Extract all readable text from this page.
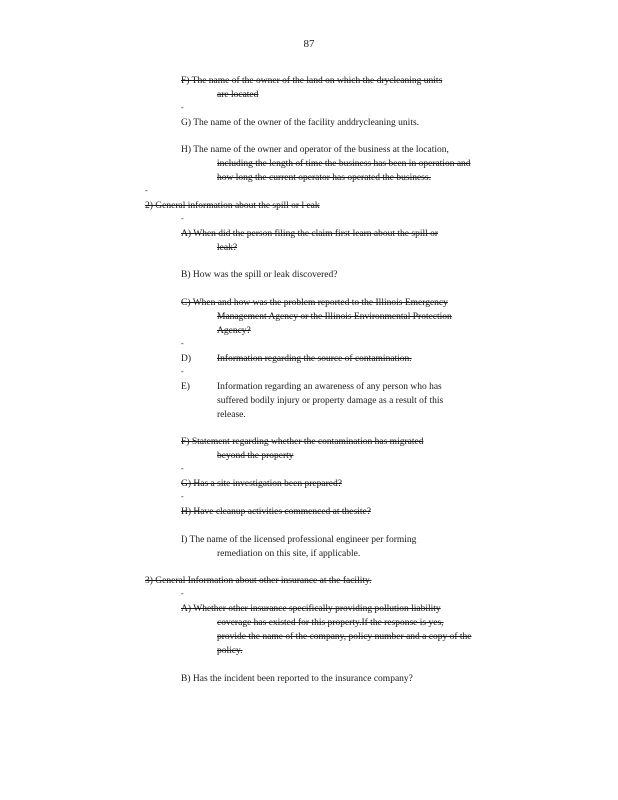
87
F) The name of the owner of the land on which the drycleaning units
are located
-
G) The name of the owner of the facility anddrycleaning units.
H) The name of the owner and operator of the business at the location,
including the length of time the business has been in operation and
how long the current operator has operated the business.
-
2) General information about the spill or l eak
-
A) When did the person filing the claim first learn about the spill or
leak?
B) How was the spill or leak discovered?
C) When and how was the problem reported to the Illinois Emergency
Management Agency or the Illinois Environmental Protection
Agency?
-
D)	Information regarding the source of contamination.
-
E)	Information regarding an awareness of any person who has
suffered bodily injury or property damage as a result of this
release.
F) Statement regarding whether the contamination has migrated
beyond the property
-
G) Has a site investigation been prepared?
-
H) Have cleanup activities commenced at thesite?
I) The name of the licensed professional engineer per forming
remediation on this site, if applicable.
3) General Information about other insurance at the facility.
-
A) Whether other insurance specifically providing pollution liability
coverage has existed for this property.If the response is yes,
provide the name of the company, policy number and a copy of the
policy.
B) Has the incident been reported to the insurance company?
